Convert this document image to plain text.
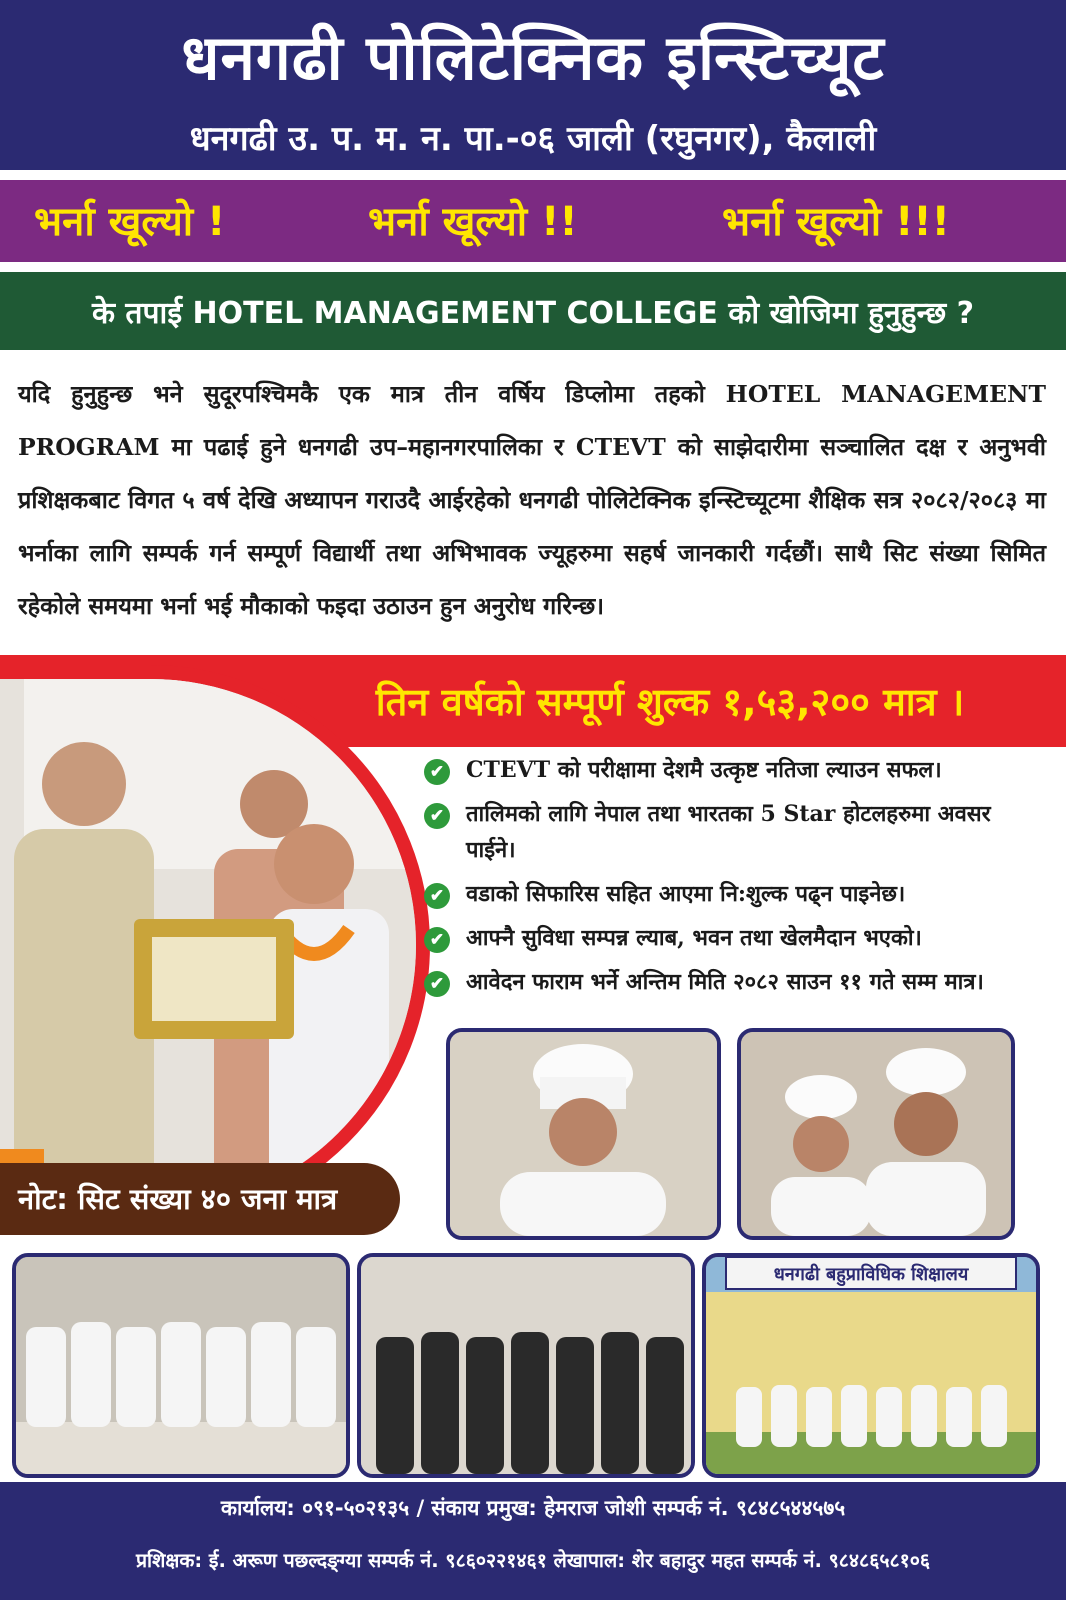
धनगढी पोलिटेक्निक इन्स्टिच्यूट
धनगढी उ. प. म. न. पा.-०६ जाली (रघुनगर), कैलाली
भर्ना खूल्यो !	भर्ना खूल्यो !!	भर्ना खूल्यो !!!
के तपाई HOTEL MANAGEMENT COLLEGE को खोजिमा हुनुहुन्छ ?
यदि हुनुहुन्छ भने सुदूरपश्चिमकै एक मात्र तीन वर्षिय डिप्लोमा तहको HOTEL MANAGEMENT PROGRAM मा पढाई हुने धनगढी उप–महानगरपालिका र CTEVT को साझेदारीमा सञ्चालित दक्ष र अनुभवी प्रशिक्षकबाट विगत ५ वर्ष देखि अध्यापन गराउदै आईरहेको धनगढी पोलिटेक्निक इन्स्टिच्यूटमा शैक्षिक सत्र २०८२/२०८३ मा भर्नाका लागि सम्पर्क गर्न सम्पूर्ण विद्यार्थी तथा अभिभावक ज्यूहरुमा सहर्ष जानकारी गर्दछौं। साथै सिट संख्या सिमित रहेकोले समयमा भर्ना भई मौकाको फइदा उठाउन हुन अनुरोध गरिन्छ।
तिन वर्षको सम्पूर्ण शुल्क १,५३,२०० मात्र ।
✔ CTEVT को परीक्षामा देशमै उत्कृष्ट नतिजा ल्याउन सफल।
✔ तालिमको लागि नेपाल तथा भारतका 5 Star होटलहरुमा अवसर पाईने।
✔ वडाको सिफारिस सहित आएमा नि:शुल्क पढ्न पाइनेछ।
✔ आफ्नै सुविधा सम्पन्न ल्याब, भवन तथा खेलमैदान भएको।
✔ आवेदन फाराम भर्ने अन्तिम मिति २०८२ साउन ११ गते सम्म मात्र।
नोट: सिट संख्या ४० जना मात्र
धनगढी बहुप्राविधिक शिक्षालय
कार्यालय: ०९१-५०२१३५ / संकाय प्रमुख: हेमराज जोशी सम्पर्क नं. ९८४८५४४५७५
प्रशिक्षक: ई. अरूण पछल्दङ्ग्या सम्पर्क नं. ९८६०२२१४६१ लेखापाल: शेर बहादुर महत सम्पर्क नं. ९८४८६५८१०६
